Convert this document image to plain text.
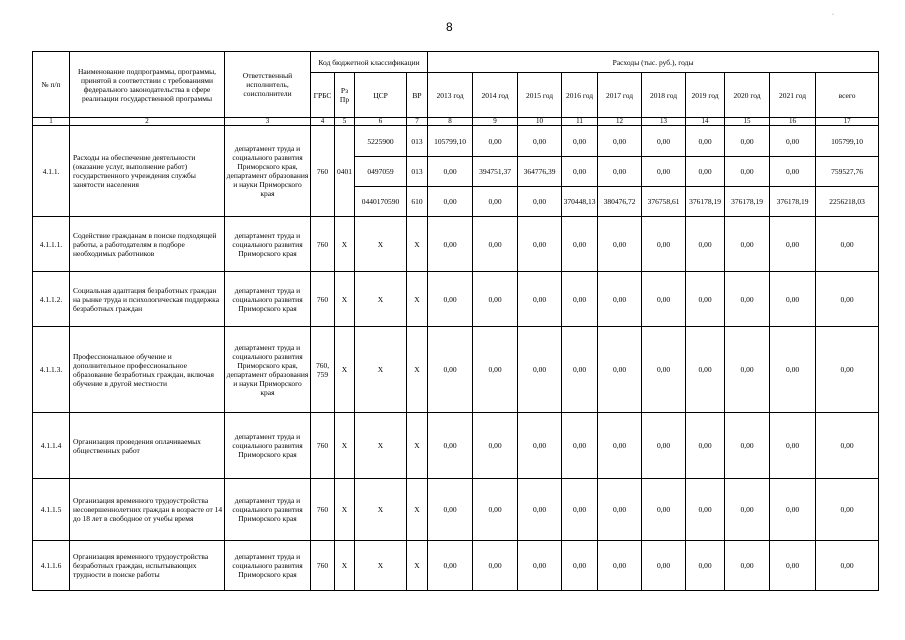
8
·
№ п/п	Наименование подпрограммы, программы, принятой в соответствии с требованиями федерального законодательства в сфере реализации государственной программы	Ответственный исполнитель, соисполнители	Код бюджетной классификации				Расходы (тыс. руб.), годы									
			ГРБС	Рз Пр	ЦСР	ВР	2013 год	2014 год	2015 год	2016 год	2017 год	2018 год	2019 год	2020 год	2021 год	всего
1	2	3	4	5	6	7	8	9	10	11	12	13	14	15	16	17
4.1.1.	Расходы на обеспечение деятельности (оказание услуг, выполнение работ) государственного учреждения службы занятости населения	департамент труда и социального развития Приморского края, департамент образования и науки Приморского края	760	0401	5225900	013	105799,10	0,00	0,00	0,00	0,00	0,00	0,00	0,00	0,00	105799,10
					0497059	013	0,00	394751,37	364776,39	0,00	0,00	0,00	0,00	0,00	0,00	759527,76
					0440170590	610	0,00	0,00	0,00	370448,13	380476,72	376758,61	376178,19	376178,19	376178,19	2256218,03
4.1.1.1.	Содействие гражданам в поиске подходящей работы, а работодателям в подборе необходимых работников	департамент труда и социального развития Приморского края	760	X	X	X	0,00	0,00	0,00	0,00	0,00	0,00	0,00	0,00	0,00	0,00
4.1.1.2.	Социальная адаптация безработных граждан на рынке труда и психологическая поддержка безработных граждан	департамент труда и социального развития Приморского края	760	X	X	X	0,00	0,00	0,00	0,00	0,00	0,00	0,00	0,00	0,00	0,00
4.1.1.3.	Профессиональное обучение и дополнительное профессиональное образование безработных граждан, включая обучение в другой местности	департамент труда и социального развития Приморского края, департамент образования и науки Приморского края	760, 759	X	X	X	0,00	0,00	0,00	0,00	0,00	0,00	0,00	0,00	0,00	0,00
4.1.1.4	Организация проведения оплачиваемых общественных работ	департамент труда и социального развития Приморского края	760	X	X	X	0,00	0,00	0,00	0,00	0,00	0,00	0,00	0,00	0,00	0,00
4.1.1.5	Организация временного трудоустройства несовершеннолетних граждан в возрасте от 14 до 18 лет в свободное от учебы время	департамент труда и социального развития Приморского края	760	X	X	X	0,00	0,00	0,00	0,00	0,00	0,00	0,00	0,00	0,00	0,00
4.1.1.6	Организация временного трудоустройства безработных граждан, испытывающих трудности в поиске работы	департамент труда и социального развития Приморского края	760	X	X	X	0,00	0,00	0,00	0,00	0,00	0,00	0,00	0,00	0,00	0,00
